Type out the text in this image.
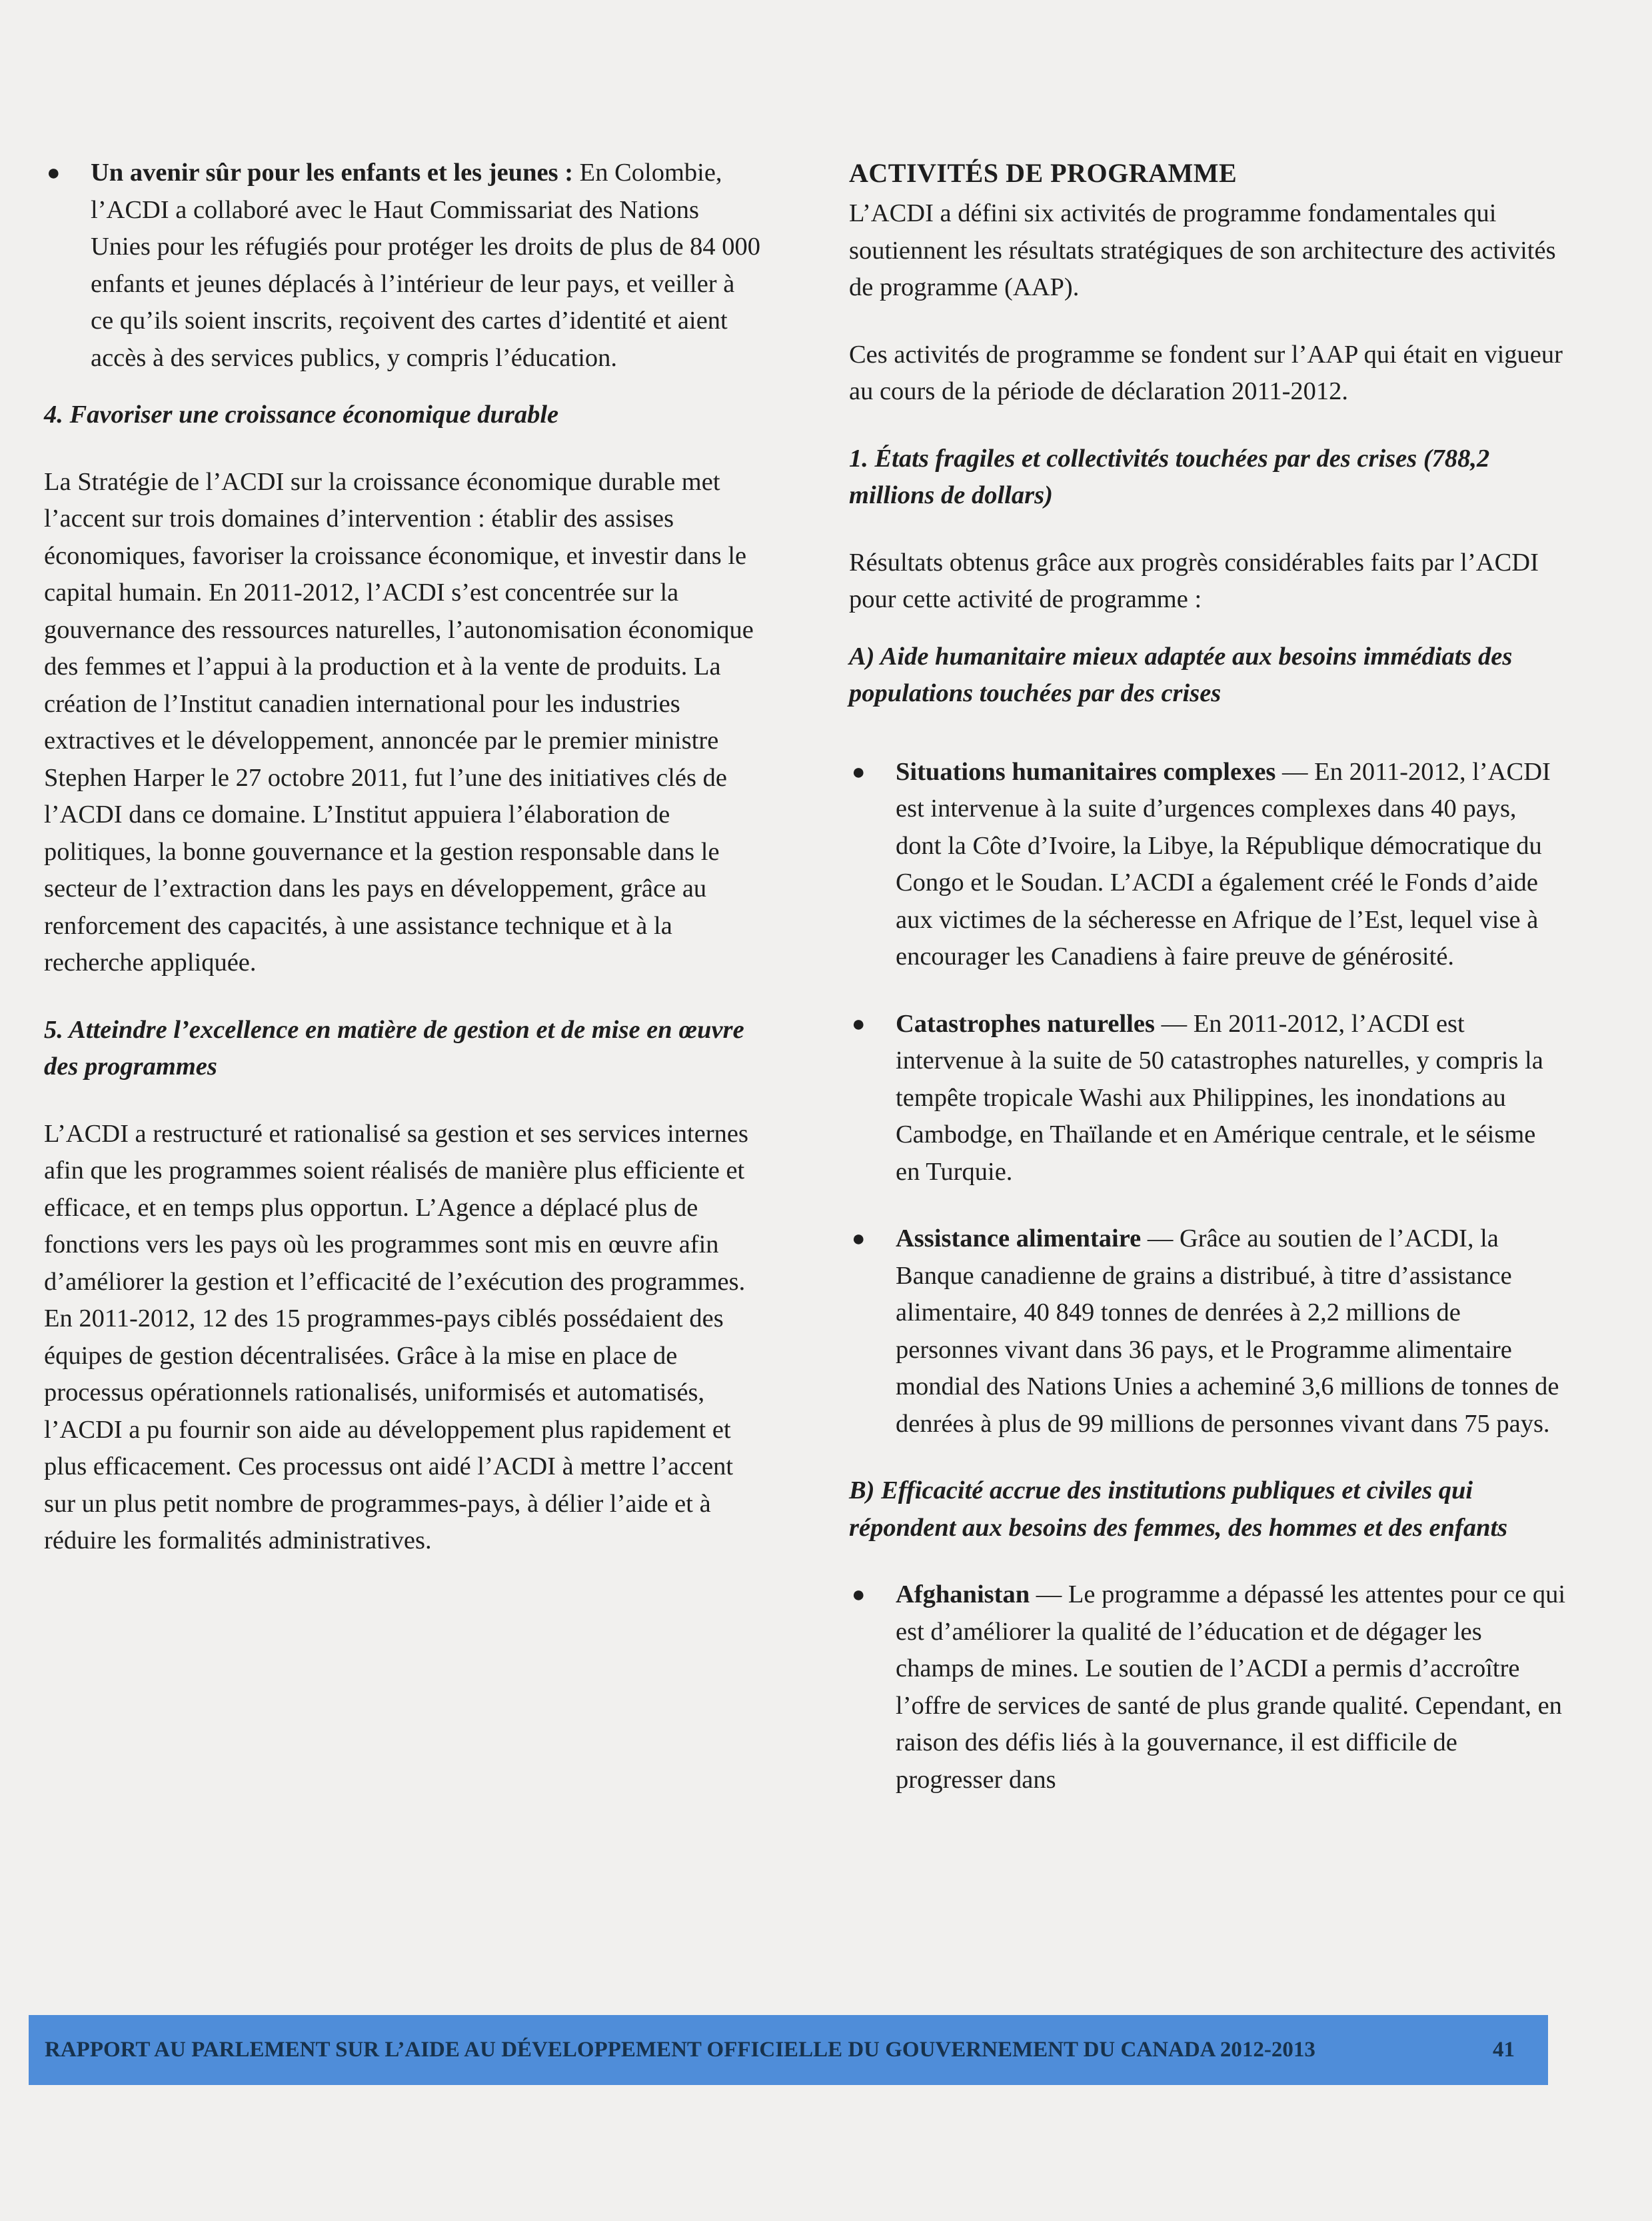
● Un avenir sûr pour les enfants et les jeunes : En Colombie, l’ACDI a collaboré avec le Haut Commissariat des Nations Unies pour les réfugiés pour protéger les droits de plus de 84 000 enfants et jeunes déplacés à l’intérieur de leur pays, et veiller à ce qu’ils soient inscrits, reçoivent des cartes d’identité et aient accès à des services publics, y compris l’éducation.

4. Favoriser une croissance économique durable

La Stratégie de l’ACDI sur la croissance économique durable met l’accent sur trois domaines d’intervention : établir des assises économiques, favoriser la croissance économique, et investir dans le capital humain. En 2011-2012, l’ACDI s’est concentrée sur la gouvernance des ressources naturelles, l’autonomisation économique des femmes et l’appui à la production et à la vente de produits. La création de l’Institut canadien international pour les industries extractives et le développement, annoncée par le premier ministre Stephen Harper le 27 octobre 2011, fut l’une des initiatives clés de l’ACDI dans ce domaine. L’Institut appuiera l’élaboration de politiques, la bonne gouvernance et la gestion responsable dans le secteur de l’extraction dans les pays en développement, grâce au renforcement des capacités, à une assistance technique et à la recherche appliquée.

5. Atteindre l’excellence en matière de gestion et de mise en œuvre des programmes

L’ACDI a restructuré et rationalisé sa gestion et ses services internes afin que les programmes soient réalisés de manière plus efficiente et efficace, et en temps plus opportun. L’Agence a déplacé plus de fonctions vers les pays où les programmes sont mis en œuvre afin d’améliorer la gestion et l’efficacité de l’exécution des programmes.

En 2011-2012, 12 des 15 programmes-pays ciblés possédaient des équipes de gestion décentralisées. Grâce à la mise en place de processus opérationnels rationalisés, uniformisés et automatisés, l’ACDI a pu fournir son aide au développement plus rapidement et plus efficacement. Ces processus ont aidé l’ACDI à mettre l’accent sur un plus petit nombre de programmes-pays, à délier l’aide et à réduire les formalités administratives.

ACTIVITÉS DE PROGRAMME

L’ACDI a défini six activités de programme fondamentales qui soutiennent les résultats stratégiques de son architecture des activités de programme (AAP).

Ces activités de programme se fondent sur l’AAP qui était en vigueur au cours de la période de déclaration 2011-2012.

1. États fragiles et collectivités touchées par des crises (788,2 millions de dollars)

Résultats obtenus grâce aux progrès considérables faits par l’ACDI pour cette activité de programme :

A) Aide humanitaire mieux adaptée aux besoins immédiats des populations touchées par des crises

● Situations humanitaires complexes — En 2011-2012, l’ACDI est intervenue à la suite d’urgences complexes dans 40 pays, dont la Côte d’Ivoire, la Libye, la République démocratique du Congo et le Soudan. L’ACDI a également créé le Fonds d’aide aux victimes de la sécheresse en Afrique de l’Est, lequel vise à encourager les Canadiens à faire preuve de générosité.
● Catastrophes naturelles — En 2011-2012, l’ACDI est intervenue à la suite de 50 catastrophes naturelles, y compris la tempête tropicale Washi aux Philippines, les inondations au Cambodge, en Thaïlande et en Amérique centrale, et le séisme en Turquie.
● Assistance alimentaire — Grâce au soutien de l’ACDI, la Banque canadienne de grains a distribué, à titre d’assistance alimentaire, 40 849 tonnes de denrées à 2,2 millions de personnes vivant dans 36 pays, et le Programme alimentaire mondial des Nations Unies a acheminé 3,6 millions de tonnes de denrées à plus de 99 millions de personnes vivant dans 75 pays.

B) Efficacité accrue des institutions publiques et civiles qui répondent aux besoins des femmes, des hommes et des enfants

● Afghanistan — Le programme a dépassé les attentes pour ce qui est d’améliorer la qualité de l’éducation et de dégager les champs de mines. Le soutien de l’ACDI a permis d’accroître l’offre de services de santé de plus grande qualité. Cependant, en raison des défis liés à la gouvernance, il est difficile de progresser dans
RAPPORT AU PARLEMENT SUR L’AIDE AU DÉVELOPPEMENT OFFICIELLE DU GOUVERNEMENT DU CANADA 2012-2013	41
